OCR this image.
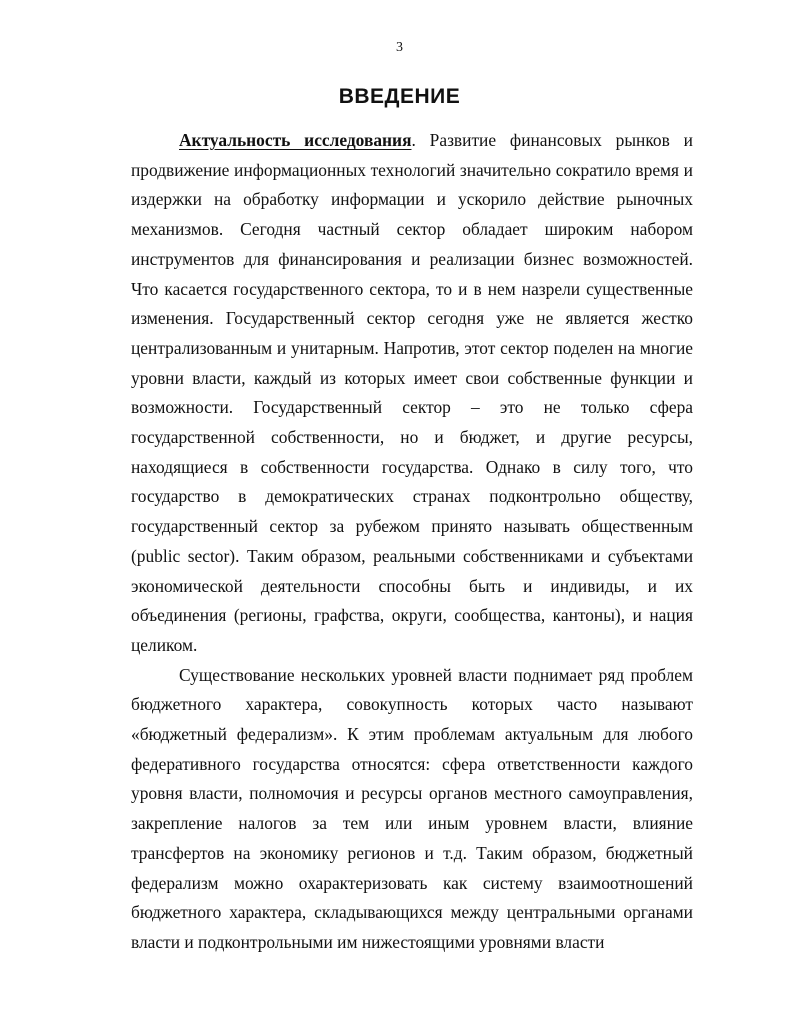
3
ВВЕДЕНИЕ

Актуальность исследования. Развитие финансовых рынков и продвижение информационных технологий значительно сократило время и издержки на обработку информации и ускорило действие рыночных механизмов. Сегодня частный сектор обладает широким набором инструментов для финансирования и реализации бизнес возможностей. Что касается государственного сектора, то и в нем назрели существенные изменения. Государственный сектор сегодня уже не является жестко централизованным и унитарным. Напротив, этот сектор поделен на многие уровни власти, каждый из которых имеет свои собственные функции и возможности. Государственный сектор – это не только сфера государственной собственности, но и бюджет, и другие ресурсы, находящиеся в собственности государства. Однако в силу того, что государство в демократических странах подконтрольно обществу, государственный сектор за рубежом принято называть общественным (public sector). Таким образом, реальными собственниками и субъектами экономической деятельности способны быть и индивиды, и их объединения (регионы, графства, округи, сообщества, кантоны), и нация целиком.

Существование нескольких уровней власти поднимает ряд проблем бюджетного характера, совокупность которых часто называют «бюджетный федерализм». К этим проблемам актуальным для любого федеративного государства относятся: сфера ответственности каждого уровня власти, полномочия и ресурсы органов местного самоуправления, закрепление налогов за тем или иным уровнем власти, влияние трансфертов на экономику регионов и т.д. Таким образом, бюджетный федерализм можно охарактеризовать как систему взаимоотношений бюджетного характера, складывающихся между центральными органами власти и подконтрольными им нижестоящими уровнями власти
